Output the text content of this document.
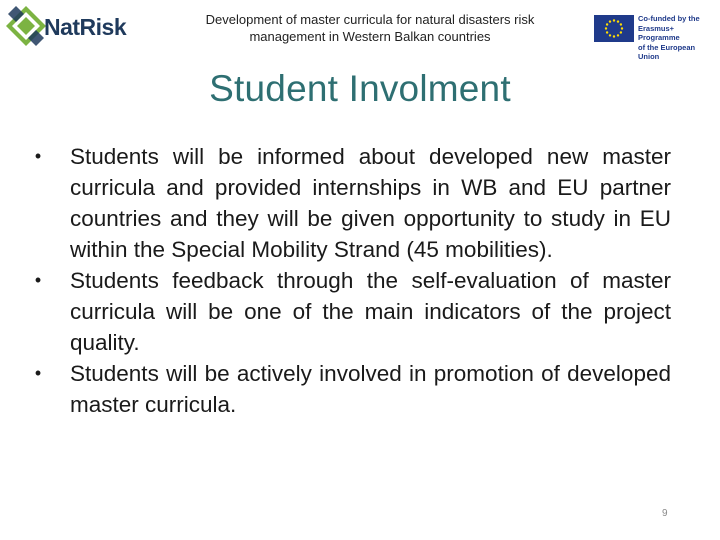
NatRisk	Development of master curricula for natural disasters risk
management in Western Balkan countries
Co-funded by the
Erasmus+ Programme
of the European Union
Student Involment
•	Students will be informed about developed new master curricula and provided internships in WB and EU partner countries and they will be given opportunity to study in EU within the Special Mobility Strand (45 mobilities).
•	Students feedback through the self-evaluation of master curricula will be one of the main indicators of the project quality.
•	Students will be actively involved in promotion of developed master curricula.
9
